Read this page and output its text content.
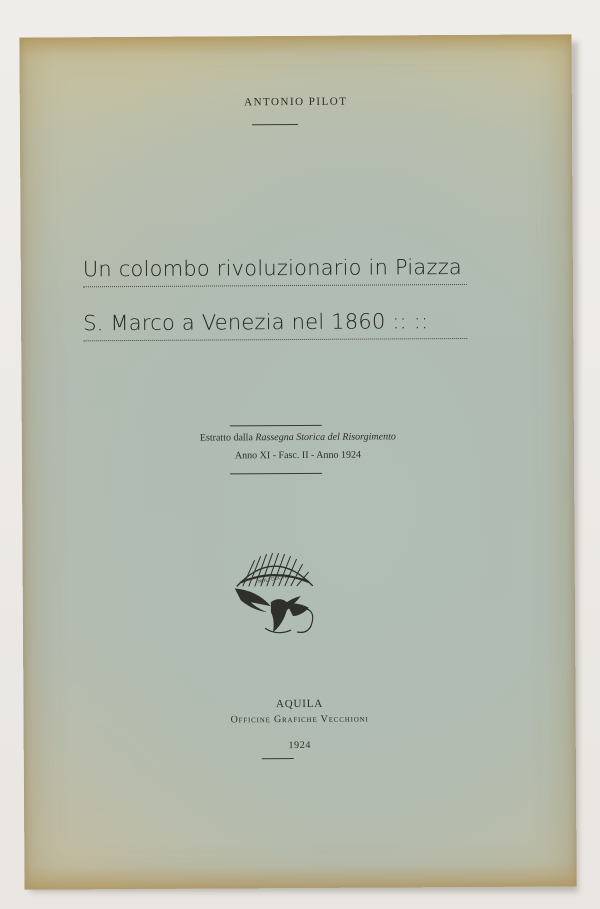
ANTONIO PILOT
Un colombo rivoluzionario in Piazza
S. Marco a Venezia nel 1860 :: ::
Estratto dalla Rassegna Storica del Risorgimento
Anno XI - Fasc. II - Anno 1924
NOLI DUCTUS
AQUILA
Officine Grafiche Vecchioni
1924
